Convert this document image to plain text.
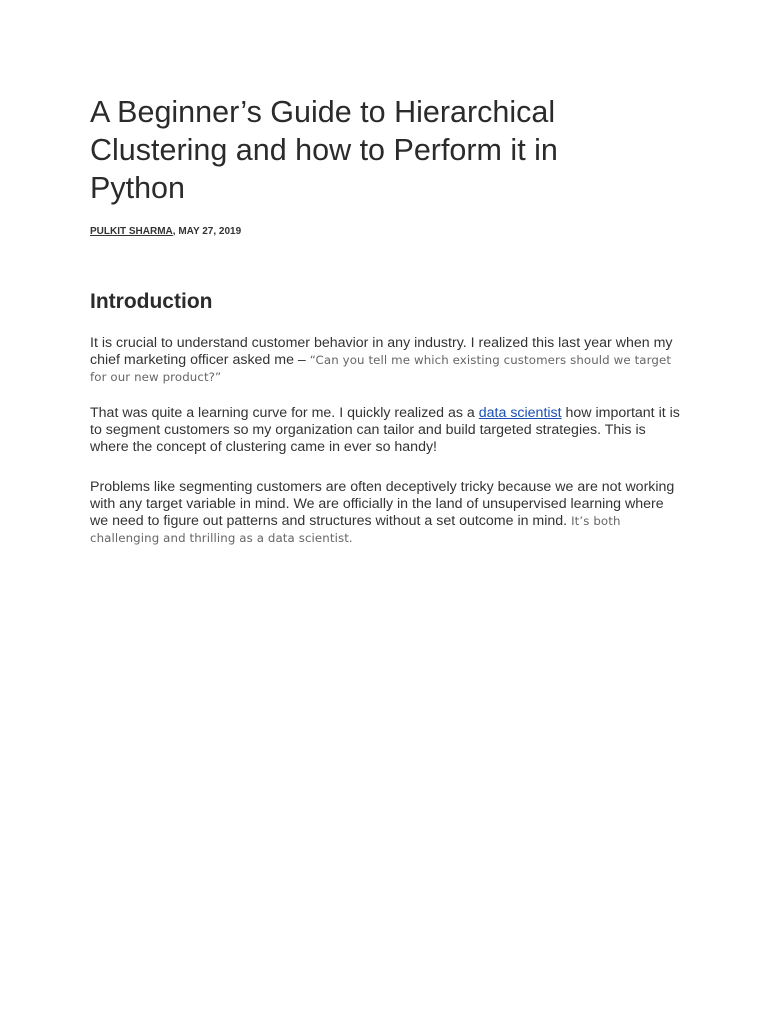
A Beginner’s Guide to Hierarchical Clustering and how to Perform it in Python

PULKIT SHARMA, MAY 27, 2019

Introduction

It is crucial to understand customer behavior in any industry. I realized this last year when my chief marketing officer asked me – “Can you tell me which existing customers should we target for our new product?”

That was quite a learning curve for me. I quickly realized as a data scientist how important it is to segment customers so my organization can tailor and build targeted strategies. This is where the concept of clustering came in ever so handy!

Problems like segmenting customers are often deceptively tricky because we are not working with any target variable in mind. We are officially in the land of unsupervised learning where we need to figure out patterns and structures without a set outcome in mind. It’s both challenging and thrilling as a data scientist.
